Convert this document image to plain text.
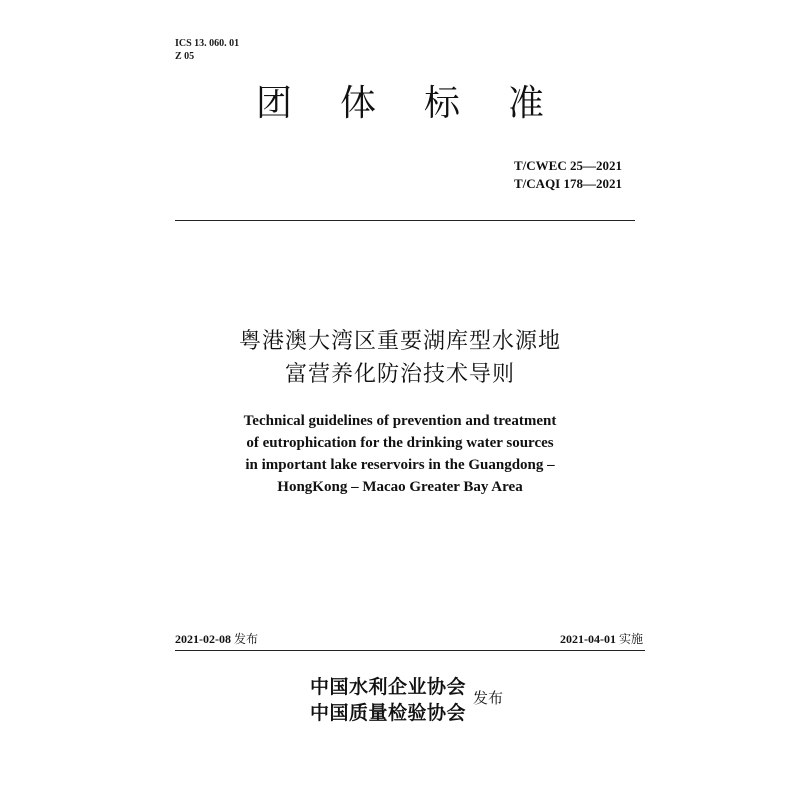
ICS 13. 060. 01
Z 05
团体标准
T/CWEC 25—2021
T/CAQI 178—2021
粤港澳大湾区重要湖库型水源地
富营养化防治技术导则
Technical guidelines of prevention and treatment
of eutrophication for the drinking water sources
in important lake reservoirs in the Guangdong –
HongKong – Macao Greater Bay Area
2021-02-08 发布	2021-04-01 实施
中国水利企业协会
中国质量检验协会
发布
